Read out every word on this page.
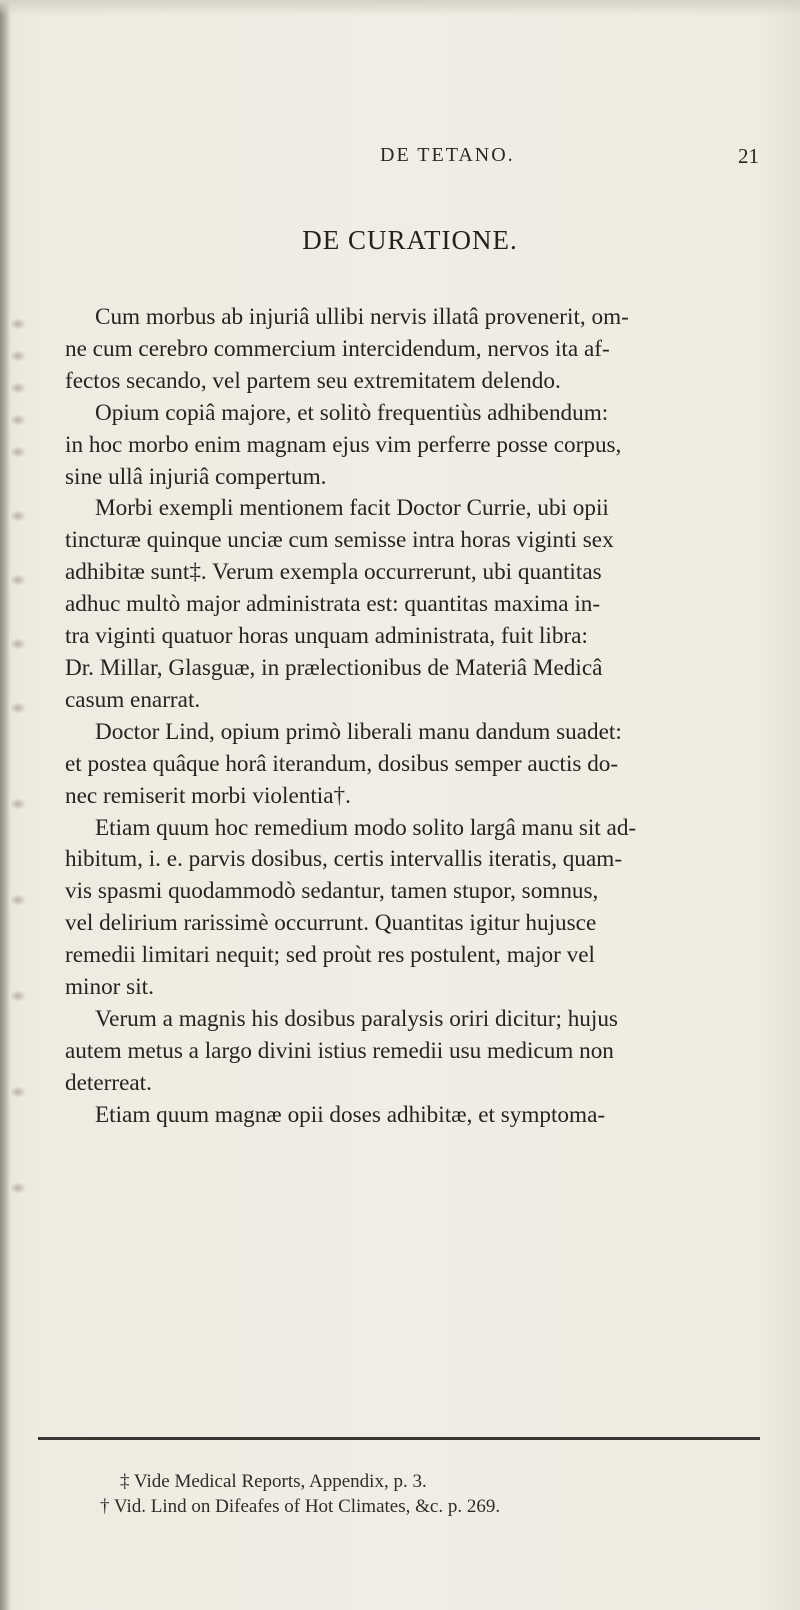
DE TETANO.	21
DE CURATIONE.

Cum morbus ab injuriâ ullibi nervis illatâ provenerit, om-
ne cum cerebro commercium intercidendum, nervos ita af-
fectos secando, vel partem seu extremitatem delendo.

Opium copiâ majore, et solitò frequentiùs adhibendum:
in hoc morbo enim magnam ejus vim perferre posse corpus,
sine ullâ injuriâ compertum.

Morbi exempli mentionem facit Doctor Currie, ubi opii
tincturæ quinque unciæ cum semisse intra horas viginti sex
adhibitæ sunt‡. Verum exempla occurrerunt, ubi quantitas
adhuc multò major administrata est: quantitas maxima in-
tra viginti quatuor horas unquam administrata, fuit libra:
Dr. Millar, Glasguæ, in prælectionibus de Materiâ Medicâ
casum enarrat.

Doctor Lind, opium primò liberali manu dandum suadet:
et postea quâque horâ iterandum, dosibus semper auctis do-
nec remiserit morbi violentia†.

Etiam quum hoc remedium modo solito largâ manu sit ad-
hibitum, i. e. parvis dosibus, certis intervallis iteratis, quam-
vis spasmi quodammodò sedantur, tamen stupor, somnus,
vel delirium rarissimè occurrunt. Quantitas igitur hujusce
remedii limitari nequit; sed proùt res postulent, major vel
minor sit.

Verum a magnis his dosibus paralysis oriri dicitur; hujus
autem metus a largo divini istius remedii usu medicum non
deterreat.

Etiam quum magnæ opii doses adhibitæ, et symptoma-

‡ Vide Medical Reports, Appendix, p. 3.
† Vid. Lind on Difeafes of Hot Climates, &c. p. 269.
